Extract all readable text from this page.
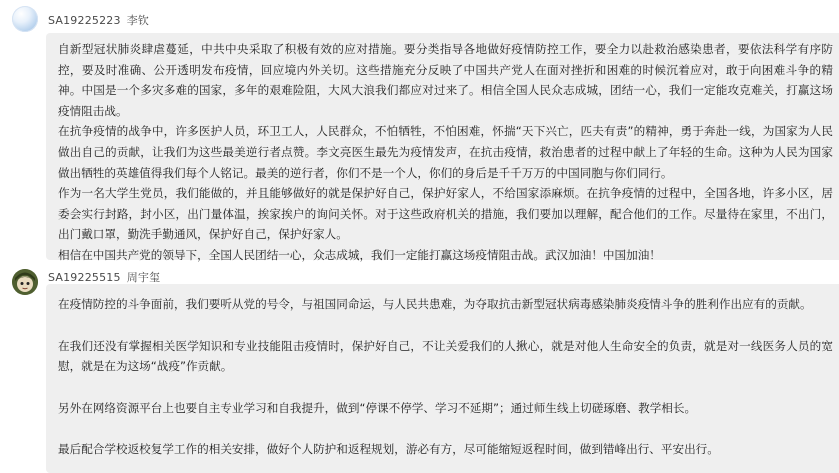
SA19225223 李钦

自新型冠状肺炎肆虐蔓延，中共中央采取了积极有效的应对措施。要分类指导各地做好疫情防控工作，要全力以赴救治感染患者，要依法科学有序防控，要及时准确、公开透明发布疫情，回应境内外关切。这些措施充分反映了中国共产党人在面对挫折和困难的时候沉着应对，敢于向困难斗争的精神。中国是一个多灾多难的国家，多年的艰难险阻，大风大浪我们都应对过来了。相信全国人民众志成城，团结一心，我们一定能攻克难关，打赢这场疫情阻击战。

在抗争疫情的战争中，许多医护人员，环卫工人，人民群众，不怕牺牲，不怕困难，怀揣“天下兴亡，匹夫有责”的精神，勇于奔赴一线，为国家为人民做出自己的贡献，让我们为这些最美逆行者点赞。李文亮医生最先为疫情发声，在抗击疫情，救治患者的过程中献上了年轻的生命。这种为人民为国家做出牺牲的英雄值得我们每个人铭记。最美的逆行者，你们不是一个人，你们的身后是千千万万的中国同胞与你们同行。

作为一名大学生党员，我们能做的，并且能够做好的就是保护好自己，保护好家人，不给国家添麻烦。在抗争疫情的过程中，全国各地，许多小区，居委会实行封路，封小区，出门量体温，挨家挨户的询问关怀。对于这些政府机关的措施，我们要加以理解，配合他们的工作。尽量待在家里，不出门，出门戴口罩，勤洗手勤通风，保护好自己，保护好家人。

相信在中国共产党的领导下，全国人民团结一心，众志成城，我们一定能打赢这场疫情阻击战。武汉加油！中国加油！

SA19225515 周宇玺

在疫情防控的斗争面前，我们要听从党的号令，与祖国同命运，与人民共患难，为夺取抗击新型冠状病毒感染肺炎疫情斗争的胜利作出应有的贡献。

在我们还没有掌握相关医学知识和专业技能阻击疫情时，保护好自己，不让关爱我们的人揪心，就是对他人生命安全的负责，就是对一线医务人员的宽慰，就是在为这场“战疫”作贡献。

另外在网络资源平台上也要自主专业学习和自我提升，做到“停课不停学、学习不延期”；通过师生线上切磋琢磨、教学相长。

最后配合学校返校复学工作的相关安排，做好个人防护和返程规划，游必有方，尽可能缩短返程时间，做到错峰出行、平安出行。
